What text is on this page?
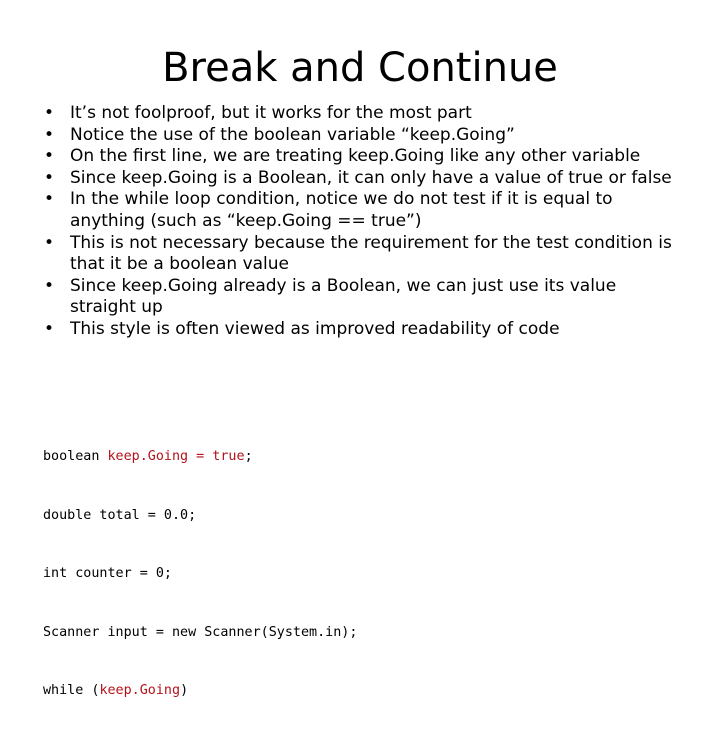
Break and Continue
• It’s not foolproof, but it works for the most part
• Notice the use of the boolean variable “keep.Going”
• On the first line, we are treating keep.Going like any other variable
• Since keep.Going is a Boolean, it can only have a value of true or false
• In the while loop condition, notice we do not test if it is equal to anything (such as “keep.Going == true”)
• This is not necessary because the requirement for the test condition is that it be a boolean value
• Since keep.Going already is a Boolean, we can just use its value straight up
• This style is often viewed as improved readability of code

boolean keep.Going = true;

double total = 0.0;

int counter = 0;

Scanner input = new Scanner(System.in);

while (keep.Going)
